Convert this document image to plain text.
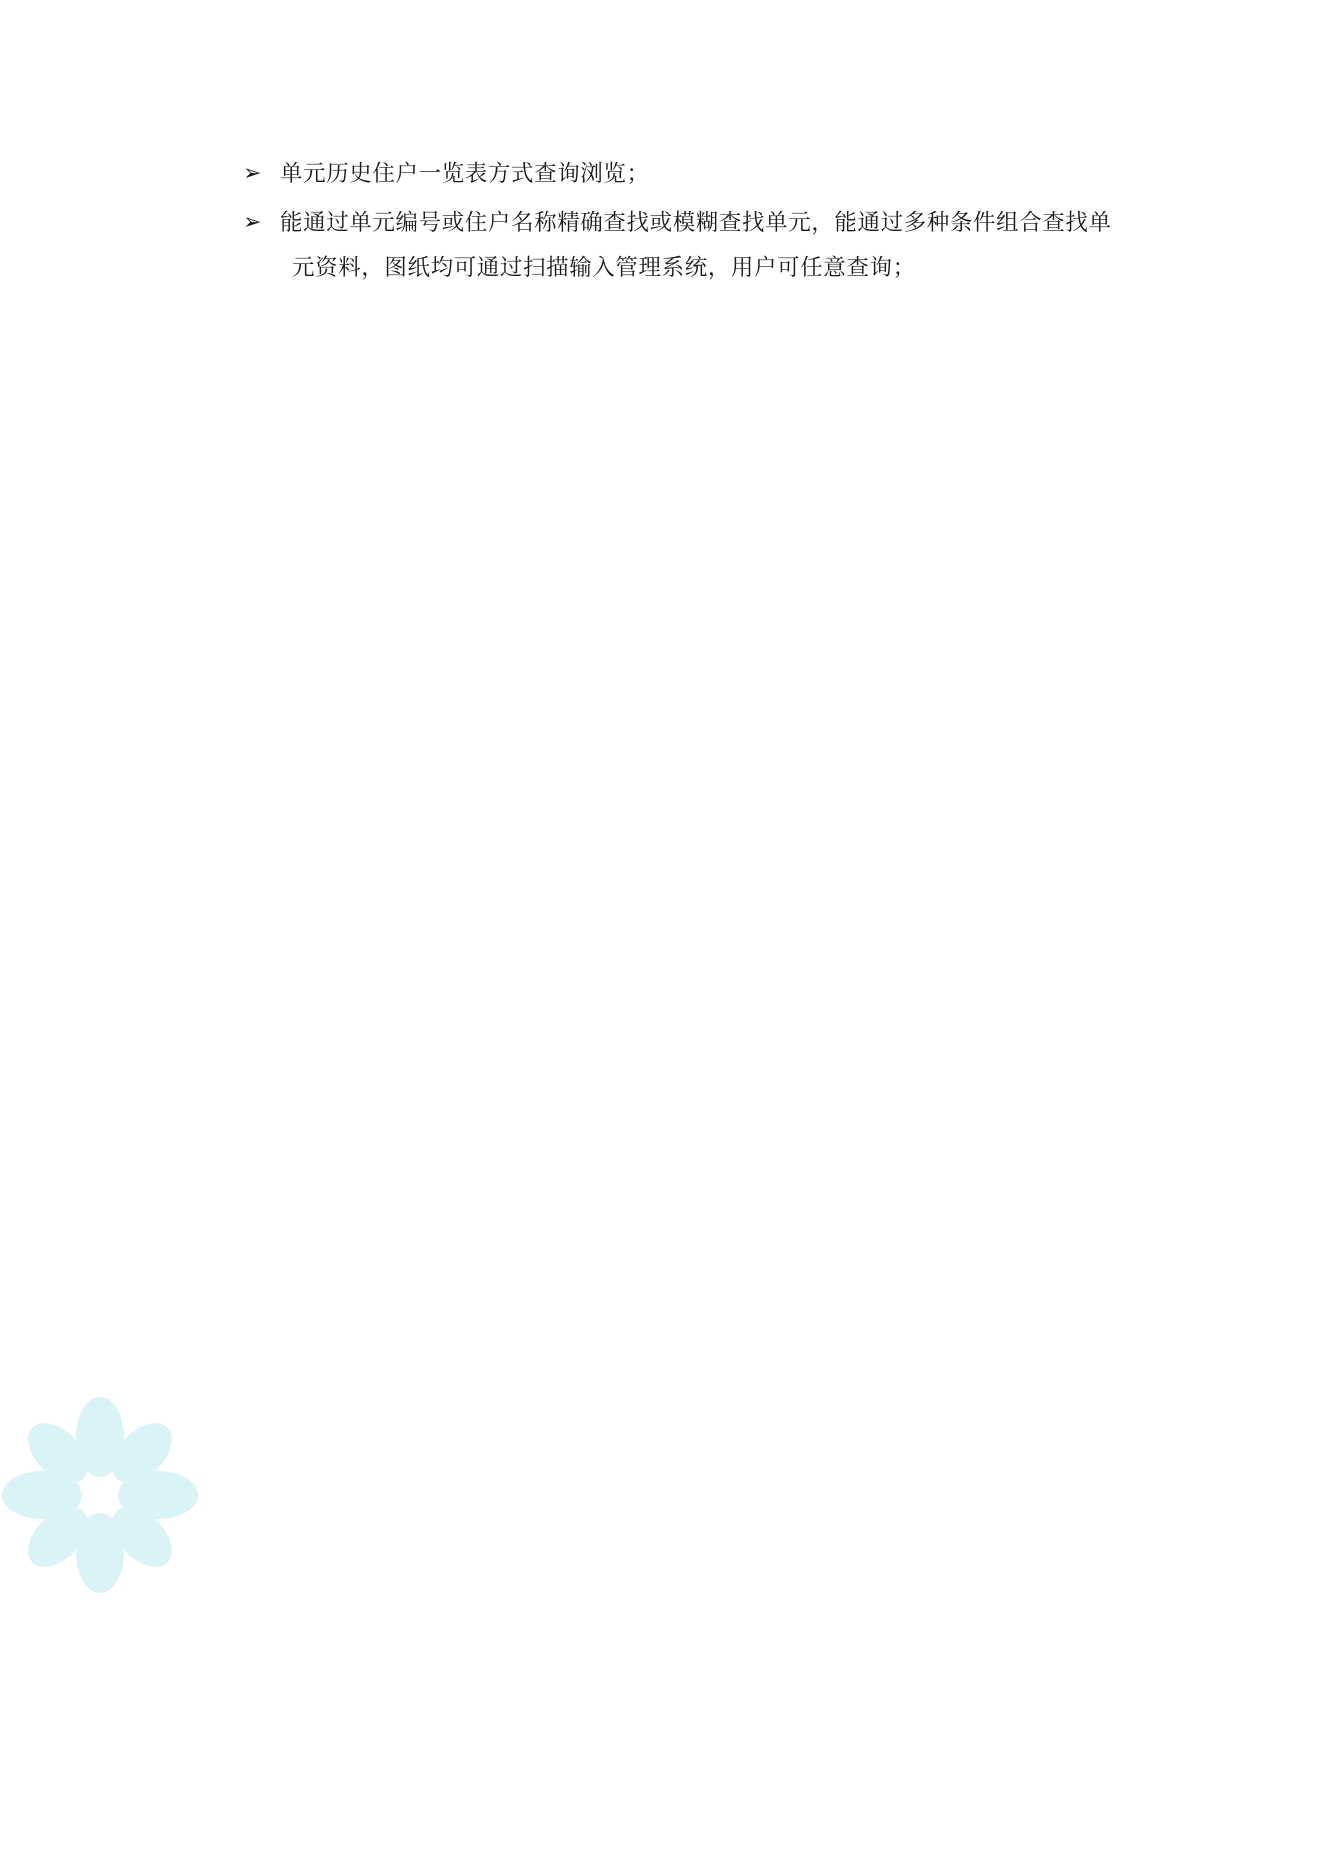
➢ 单元历史住户一览表方式查询浏览；
➢ 能通过单元编号或住户名称精确查找或模糊查找单元，能通过多种条件组合查找单
元资料，图纸均可通过扫描输入管理系统，用户可任意查询；
